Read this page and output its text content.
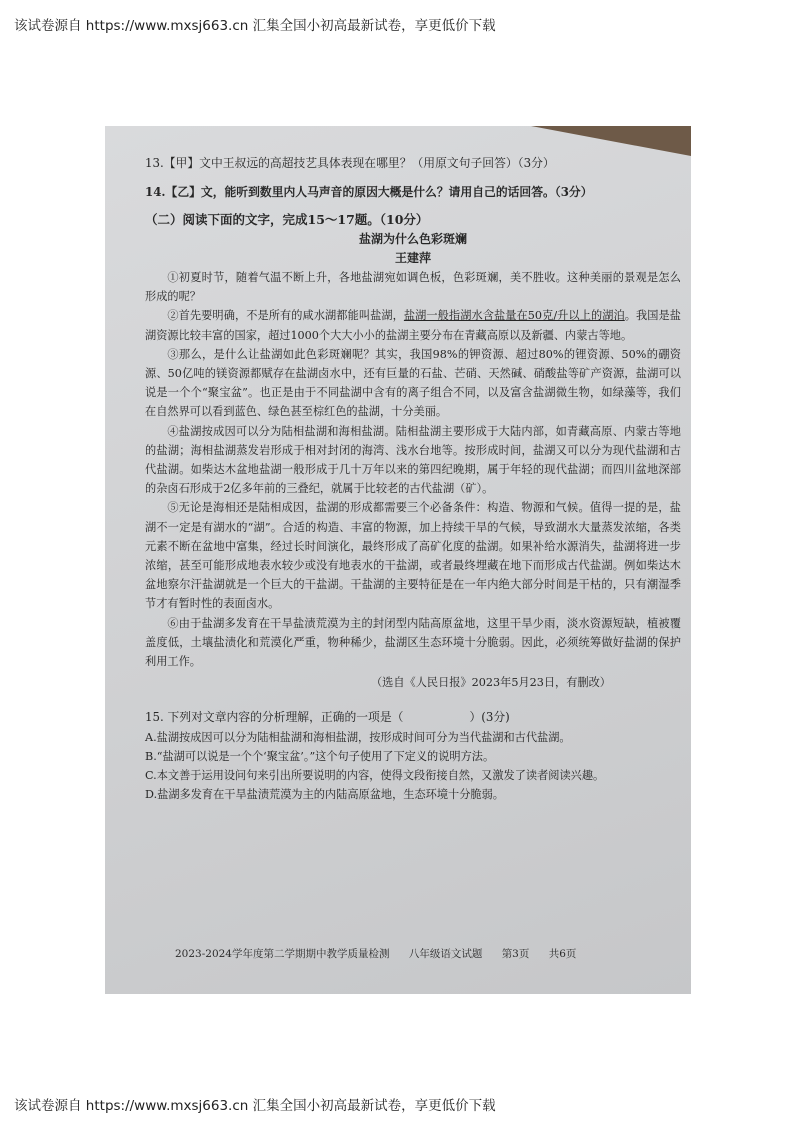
该试卷源自 https://www.mxsj663.cn 汇集全国小初高最新试卷，享更低价下载

13.【甲】文中王叔远的高超技艺具体表现在哪里？（用原文句子回答）（3分）

14.【乙】文，能听到数里内人马声音的原因大概是什么？请用自己的话回答。（3分）

（二）阅读下面的文字，完成15～17题。（10分）

盐湖为什么色彩斑斓

王建萍

①初夏时节，随着气温不断上升，各地盐湖宛如调色板，色彩斑斓，美不胜收。这种美丽的景观是怎么形成的呢？

②首先要明确，不是所有的咸水湖都能叫盐湖，盐湖一般指湖水含盐量在50克/升以上的湖泊。我国是盐湖资源比较丰富的国家，超过1000个大大小小的盐湖主要分布在青藏高原以及新疆、内蒙古等地。

③那么，是什么让盐湖如此色彩斑斓呢？其实，我国98%的钾资源、超过80%的锂资源、50%的硼资源、50亿吨的镁资源都赋存在盐湖卤水中，还有巨量的石盐、芒硝、天然碱、硝酸盐等矿产资源，盐湖可以说是一个个“聚宝盆”。也正是由于不同盐湖中含有的离子组合不同，以及富含盐湖微生物，如绿藻等，我们在自然界可以看到蓝色、绿色甚至棕红色的盐湖，十分美丽。

④盐湖按成因可以分为陆相盐湖和海相盐湖。陆相盐湖主要形成于大陆内部，如青藏高原、内蒙古等地的盐湖；海相盐湖蒸发岩形成于相对封闭的海湾、浅水台地等。按形成时间，盐湖又可以分为现代盐湖和古代盐湖。如柴达木盆地盐湖一般形成于几十万年以来的第四纪晚期，属于年轻的现代盐湖；而四川盆地深部的杂卤石形成于2亿多年前的三叠纪，就属于比较老的古代盐湖（矿）。

⑤无论是海相还是陆相成因，盐湖的形成都需要三个必备条件：构造、物源和气候。值得一提的是，盐湖不一定是有湖水的“湖”。合适的构造、丰富的物源，加上持续干旱的气候，导致湖水大量蒸发浓缩，各类元素不断在盆地中富集，经过长时间演化，最终形成了高矿化度的盐湖。如果补给水源消失，盐湖将进一步浓缩，甚至可能形成地表水较少或没有地表水的干盐湖，或者最终埋藏在地下而形成古代盐湖。例如柴达木盆地察尔汗盐湖就是一个巨大的干盐湖。干盐湖的主要特征是在一年内绝大部分时间是干枯的，只有潮湿季节才有暂时性的表面卤水。

⑥由于盐湖多发育在干旱盐渍荒漠为主的封闭型内陆高原盆地，这里干旱少雨，淡水资源短缺，植被覆盖度低，土壤盐渍化和荒漠化严重，物种稀少，盐湖区生态环境十分脆弱。因此，必须统筹做好盐湖的保护利用工作。

（选自《人民日报》2023年5月23日，有删改）

15. 下列对文章内容的分析理解，正确的一项是（	）(3分)

A.盐湖按成因可以分为陆相盐湖和海相盐湖，按形成时间可分为当代盐湖和古代盐湖。

B.“盐湖可以说是一个个‘聚宝盆’。”这个句子使用了下定义的说明方法。

C.本文善于运用设问句来引出所要说明的内容，使得文段衔接自然，又激发了读者阅读兴趣。

D.盐湖多发育在干旱盐渍荒漠为主的内陆高原盆地，生态环境十分脆弱。

2023-2024学年度第二学期期中教学质量检测 八年级语文试题 第3页 共6页
该试卷源自 https://www.mxsj663.cn 汇集全国小初高最新试卷，享更低价下载
